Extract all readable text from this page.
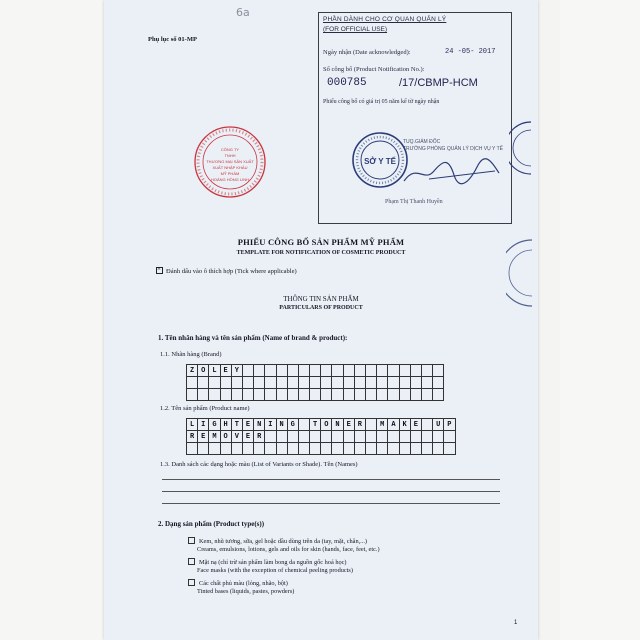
6a
Phụ lục số 01-MP
CÔNG TY
TNHH
THƯƠNG MẠI SẢN XUẤT
XUẤT NHẬP KHẨU
MỸ PHẨM
HOÀNG HỒNG LINH
PHẦN DÀNH CHO CƠ QUAN QUẢN LÝ
(FOR OFFICIAL USE)
Ngày nhận (Date acknowledged):	24 -05- 2017
Số công bố (Product Notification No.):
000785	/17/CBMP-HCM
Phiếu công bố có giá trị 05 năm kể từ ngày nhận
TUQ.GIÁM ĐỐC
TRƯỞNG PHÒNG QUẢN LÝ DỊCH VỤ Y TẾ
SỞ Y TẾ
Phạm Thị Thanh Huyền
PHIẾU CÔNG BỐ SẢN PHẨM MỸ PHẨM
TEMPLATE FOR NOTIFICATION OF COSMETIC PRODUCT
×Đánh dấu vào ô thích hợp (Tick where applicable)
THÔNG TIN SẢN PHẨM
PARTICULARS OF PRODUCT
1. Tên nhãn hàng và tên sản phẩm (Name of brand & product):
1.1. Nhãn hàng (Brand)
Z O L E Y
1.2. Tên sản phẩm (Product name)
L I G H T E N I N G	T O N E R	M A K E	U P
R E M O V E R
1.3. Danh sách các dạng hoặc màu (List of Variants or Shade). Tên (Names)
2. Dạng sản phẩm (Product type(s))
Kem, nhũ tương, sữa, gel hoặc dầu dùng trên da (tay, mặt, chân,...)
Creams, emulsions, lotions, gels and oils for skin (hands, face, feet, etc.)
Mặt nạ (chỉ trừ sản phẩm làm bong da nguồn gốc hoá học)
Face masks (with the exception of chemical peeling products)
Các chất phủ màu (lỏng, nhão, bột)
Tinted bases (liquids, pastes, powders)
1
